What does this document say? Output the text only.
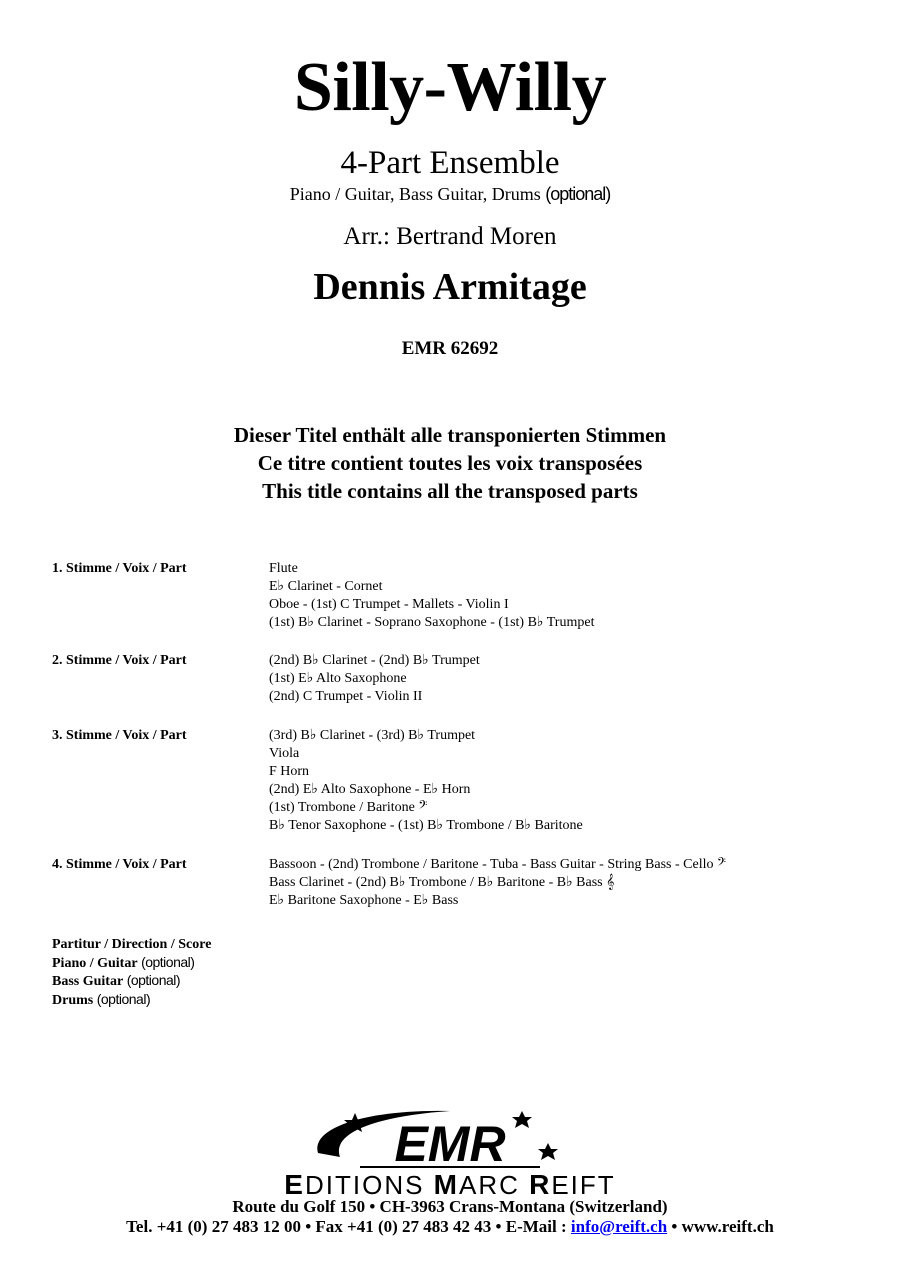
Silly-Willy
4-Part Ensemble
Piano / Guitar, Bass Guitar, Drums (optional)
Arr.: Bertrand Moren
Dennis Armitage
EMR 62692
Dieser Titel enthält alle transponierten Stimmen
Ce titre contient toutes les voix transposées
This title contains all the transposed parts
1. Stimme / Voix / Part	Flute
E♭ Clarinet - Cornet
Oboe - (1st) C Trumpet - Mallets - Violin I
(1st) B♭ Clarinet - Soprano Saxophone - (1st) B♭ Trumpet
2. Stimme / Voix / Part	(2nd) B♭ Clarinet - (2nd) B♭ Trumpet
(1st) E♭ Alto Saxophone
(2nd) C Trumpet - Violin II
3. Stimme / Voix / Part	(3rd) B♭ Clarinet - (3rd) B♭ Trumpet
Viola
F Horn
(2nd) E♭ Alto Saxophone - E♭ Horn
(1st) Trombone / Baritone 𝄢
B♭ Tenor Saxophone - (1st) B♭ Trombone / B♭ Baritone
4. Stimme / Voix / Part	Bassoon - (2nd) Trombone / Baritone - Tuba - Bass Guitar - String Bass - Cello 𝄢
Bass Clarinet - (2nd) B♭ Trombone / B♭ Baritone - B♭ Bass 𝄞
E♭ Baritone Saxophone - E♭ Bass
Partitur / Direction / Score
Piano / Guitar (optional)
Bass Guitar (optional)
Drums (optional)
EMR
EDITIONS MARC REIFT
Route du Golf 150 • CH-3963 Crans-Montana (Switzerland)
Tel. +41 (0) 27 483 12 00 • Fax +41 (0) 27 483 42 43 • E-Mail : info@reift.ch • www.reift.ch
